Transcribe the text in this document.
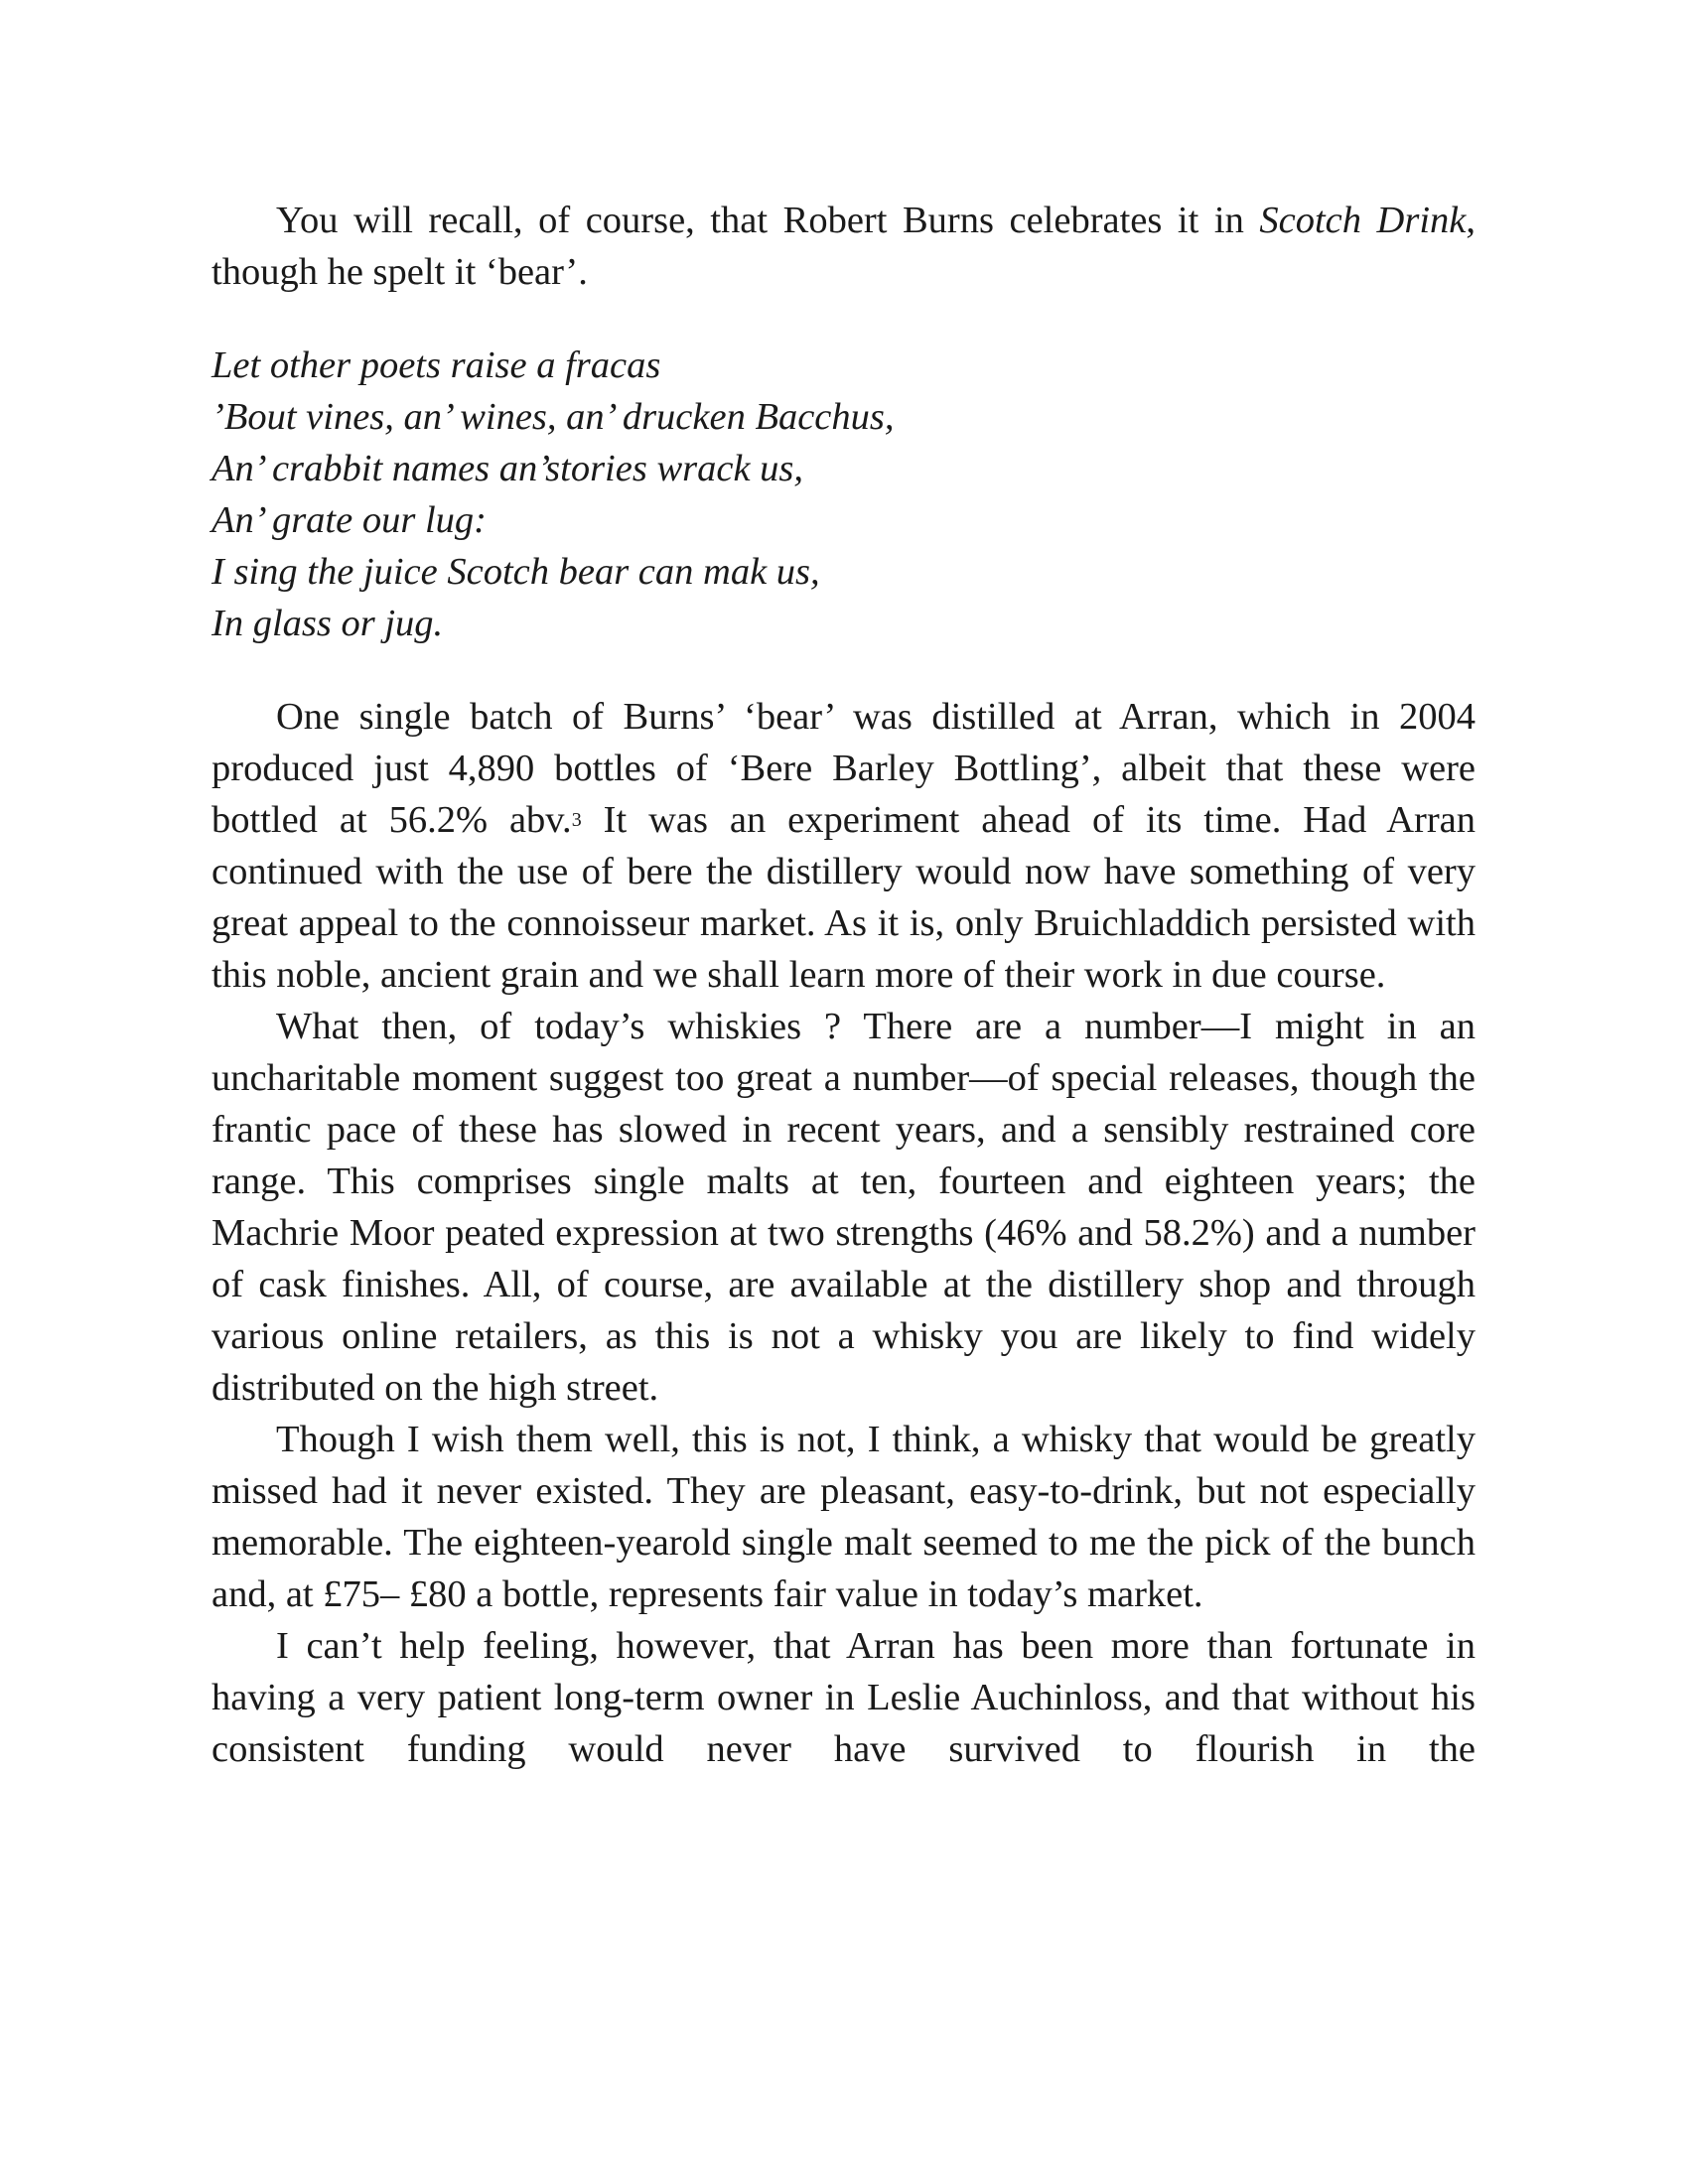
You will recall, of course, that Robert Burns celebrates it in Scotch Drink, though he spelt it ‘bear’.

Let other poets raise a fracas
’Bout vines, an’ wines, an’ drucken Bacchus,
An’ crabbit names an’stories wrack us,
An’ grate our lug:
I sing the juice Scotch bear can mak us,
In glass or jug.

One single batch of Burns’ ‘bear’ was distilled at Arran, which in 2004 produced just 4,890 bottles of ‘Bere Barley Bottling’, albeit that these were bottled at 56.2% abv.$^3$ It was an experiment ahead of its time. Had Arran continued with the use of bere the distillery would now have something of very great appeal to the connoisseur market. As it is, only Bruichladdich persisted with this noble, ancient grain and we shall learn more of their work in due course.

What then, of today’s whiskies ? There are a number—I might in an uncharitable moment suggest too great a number—of special releases, though the frantic pace of these has slowed in recent years, and a sensibly restrained core range. This comprises single malts at ten, fourteen and eighteen years; the Machrie Moor peated expression at two strengths (46% and 58.2%) and a number of cask finishes. All, of course, are available at the distillery shop and through various online retailers, as this is not a whisky you are likely to find widely distributed on the high street.

Though I wish them well, this is not, I think, a whisky that would be greatly missed had it never existed. They are pleasant, easy-to-drink, but not especially memorable. The eighteen-yearold single malt seemed to me the pick of the bunch and, at £75– £80 a bottle, represents fair value in today’s market.

I can’t help feeling, however, that Arran has been more than fortunate in having a very patient long-term owner in Leslie Auchinloss, and that without his consistent funding would never have survived to flourish in the
